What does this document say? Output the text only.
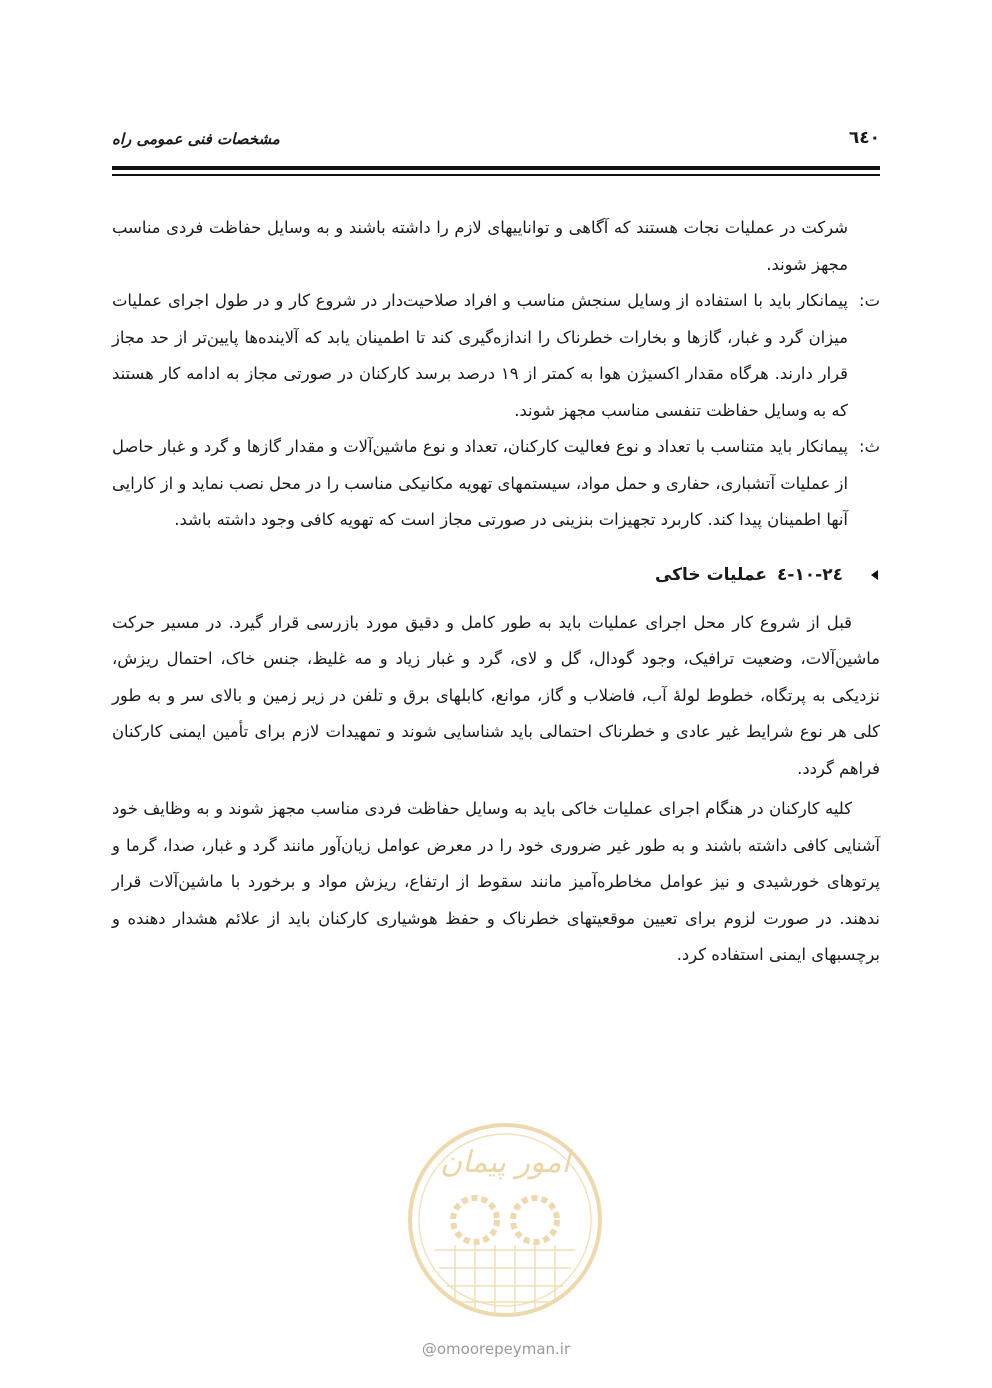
٦٤٠
مشخصات فنی عمومی راه

شرکت در عملیات نجات هستند که آگاهی و تواناییهای لازم را داشته باشند و به وسایل حفاظت فردی مناسب مجهز شوند.

ت:

پیمانکار باید با استفاده از وسایل سنجش مناسب و افراد صلاحیت‌دار در شروع کار و در طول اجرای عملیات میزان گرد و غبار، گازها و بخارات خطرناک را اندازه‌گیری کند تا اطمینان یابد که آلاینده‌ها پایین‌تر از حد مجاز قرار دارند. هرگاه مقدار اکسیژن هوا به کمتر از ۱۹ درصد برسد کارکنان در صورتی مجاز به ادامه کار هستند که به وسایل حفاظت تنفسی مناسب مجهز شوند.

ث:

پیمانکار باید متناسب با تعداد و نوع فعالیت کارکنان، تعداد و نوع ماشین‌آلات و مقدار گازها و گرد و غبار حاصل از عملیات آتشباری، حفاری و حمل مواد، سیستمهای تهویه مکانیکی مناسب را در محل نصب نماید و از کارایی آنها اطمینان پیدا کند. کاربرد تجهیزات بنزینی در صورتی مجاز است که تهویه کافی وجود داشته باشد.

۲٤-۱۰-٤
عملیات خاکی

قبل از شروع کار محل اجرای عملیات باید به طور کامل و دقیق مورد بازرسی قرار گیرد. در مسیر حرکت ماشین‌آلات، وضعیت ترافیک، وجود گودال، گل و لای، گرد و غبار زیاد و مه غلیظ، جنس خاک، احتمال ریزش، نزدیکی به پرتگاه، خطوط لولۀ آب، فاضلاب و گاز، موانع، کابلهای برق و تلفن در زیر زمین و بالای سر و به طور کلی هر نوع شرایط غیر عادی و خطرناک احتمالی باید شناسایی شوند و تمهیدات لازم برای تأمین ایمنی کارکنان فراهم گردد.

کلیه کارکنان در هنگام اجرای عملیات خاکی باید به وسایل حفاظت فردی مناسب مجهز شوند و به وظایف خود آشنایی کافی داشته باشند و به طور غیر ضروری خود را در معرض عوامل زیان‌آور مانند گرد و غبار، صدا، گرما و پرتوهای خورشیدی و نیز عوامل مخاطره‌آمیز مانند سقوط از ارتفاع، ریزش مواد و برخورد با ماشین‌آلات قرار ندهند. در صورت لزوم برای تعیین موقعیتهای خطرناک و حفظ هوشیاری کارکنان باید از علائم هشدار دهنده و برچسبهای ایمنی استفاده کرد.

امور پیمان
@omoorepeyman.ir
